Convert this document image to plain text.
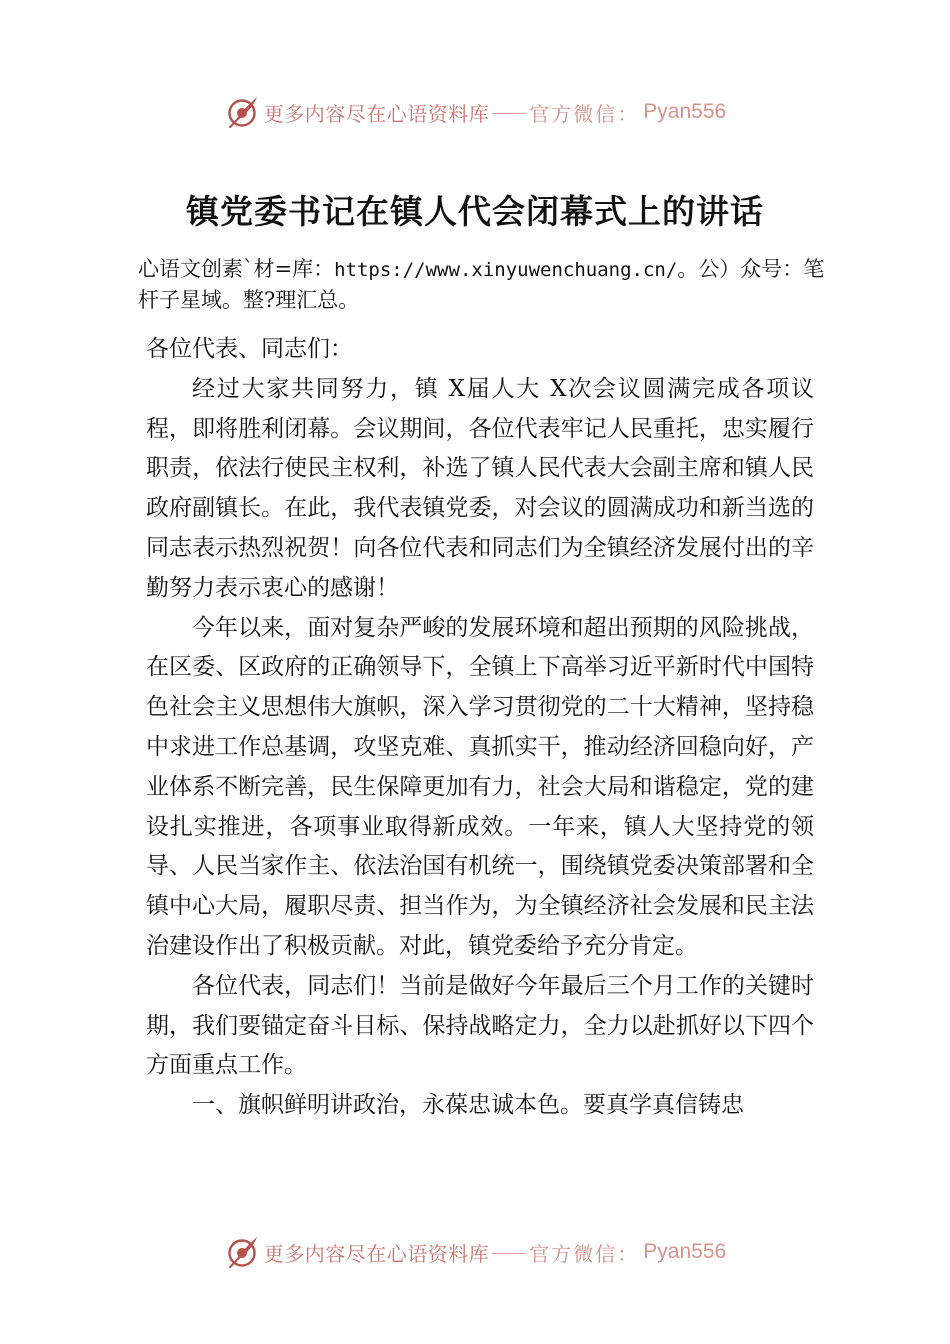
更多内容尽在心语资料库 官方微信： Pyan556
镇党委书记在镇人代会闭幕式上的讲话

心语文创素`材=库：https://www.xinyuwenchuang.cn/。公）众号：笔杆子星域。整?理汇总。

各位代表、同志们：

经过大家共同努力，镇 X届人大 X次会议圆满完成各项议程，即将胜利闭幕。会议期间，各位代表牢记人民重托，忠实履行职责，依法行使民主权利，补选了镇人民代表大会副主席和镇人民政府副镇长。在此，我代表镇党委，对会议的圆满成功和新当选的同志表示热烈祝贺！向各位代表和同志们为全镇经济发展付出的辛勤努力表示衷心的感谢！

今年以来，面对复杂严峻的发展环境和超出预期的风险挑战，在区委、区政府的正确领导下，全镇上下高举习近平新时代中国特色社会主义思想伟大旗帜，深入学习贯彻党的二十大精神，坚持稳中求进工作总基调，攻坚克难、真抓实干，推动经济回稳向好，产业体系不断完善，民生保障更加有力，社会大局和谐稳定，党的建设扎实推进，各项事业取得新成效。一年来，镇人大坚持党的领导、人民当家作主、依法治国有机统一，围绕镇党委决策部署和全镇中心大局，履职尽责、担当作为，为全镇经济社会发展和民主法治建设作出了积极贡献。对此，镇党委给予充分肯定。

各位代表，同志们！当前是做好今年最后三个月工作的关键时期，我们要锚定奋斗目标、保持战略定力，全力以赴抓好以下四个方面重点工作。

一、旗帜鲜明讲政治，永葆忠诚本色。要真学真信铸忠

更多内容尽在心语资料库 官方微信： Pyan556
